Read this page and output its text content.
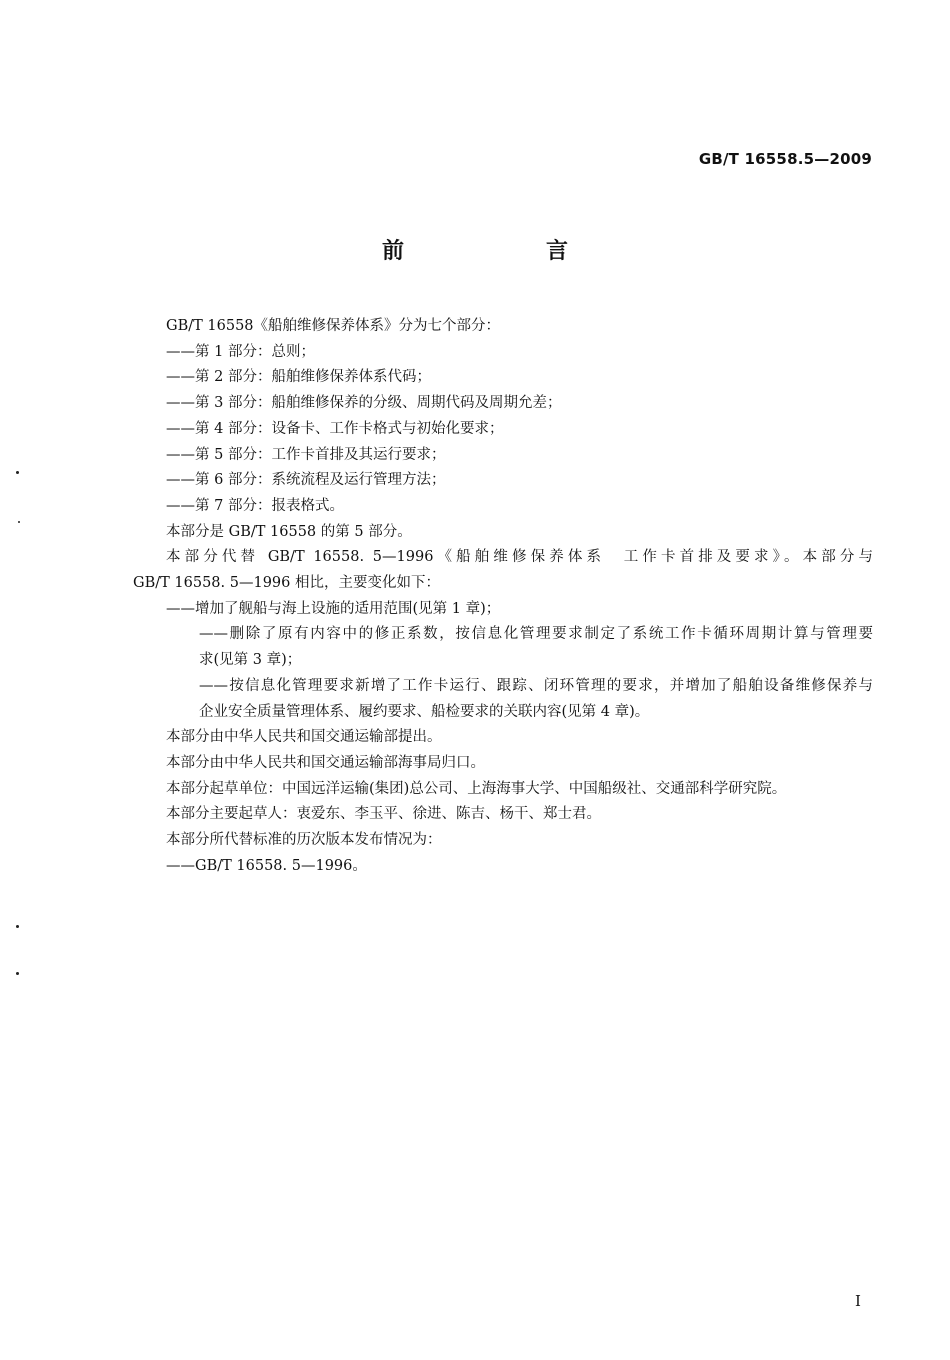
GB/T 16558.5—2009
前　言
GB/T 16558《船舶维修保养体系》分为七个部分：
——第 1 部分：总则；
——第 2 部分：船舶维修保养体系代码；
——第 3 部分：船舶维修保养的分级、周期代码及周期允差；
——第 4 部分：设备卡、工作卡格式与初始化要求；
——第 5 部分：工作卡首排及其运行要求；
——第 6 部分：系统流程及运行管理方法；
——第 7 部分：报表格式。
本部分是 GB/T 16558 的第 5 部分。
本部分代替 GB/T 16558. 5—1996《船舶维修保养体系　工作卡首排及要求》。本部分与
GB/T 16558. 5—1996 相比，主要变化如下：
——增加了舰船与海上设施的适用范围(见第 1 章)；
——删除了原有内容中的修正系数，按信息化管理要求制定了系统工作卡循环周期计算与管理要
求(见第 3 章)；
——按信息化管理要求新增了工作卡运行、跟踪、闭环管理的要求，并增加了船舶设备维修保养与
企业安全质量管理体系、履约要求、船检要求的关联内容(见第 4 章)。
本部分由中华人民共和国交通运输部提出。
本部分由中华人民共和国交通运输部海事局归口。
本部分起草单位：中国远洋运输(集团)总公司、上海海事大学、中国船级社、交通部科学研究院。
本部分主要起草人：衷爱东、李玉平、徐进、陈吉、杨干、郑士君。
本部分所代替标准的历次版本发布情况为：
——GB/T 16558. 5—1996。
I
